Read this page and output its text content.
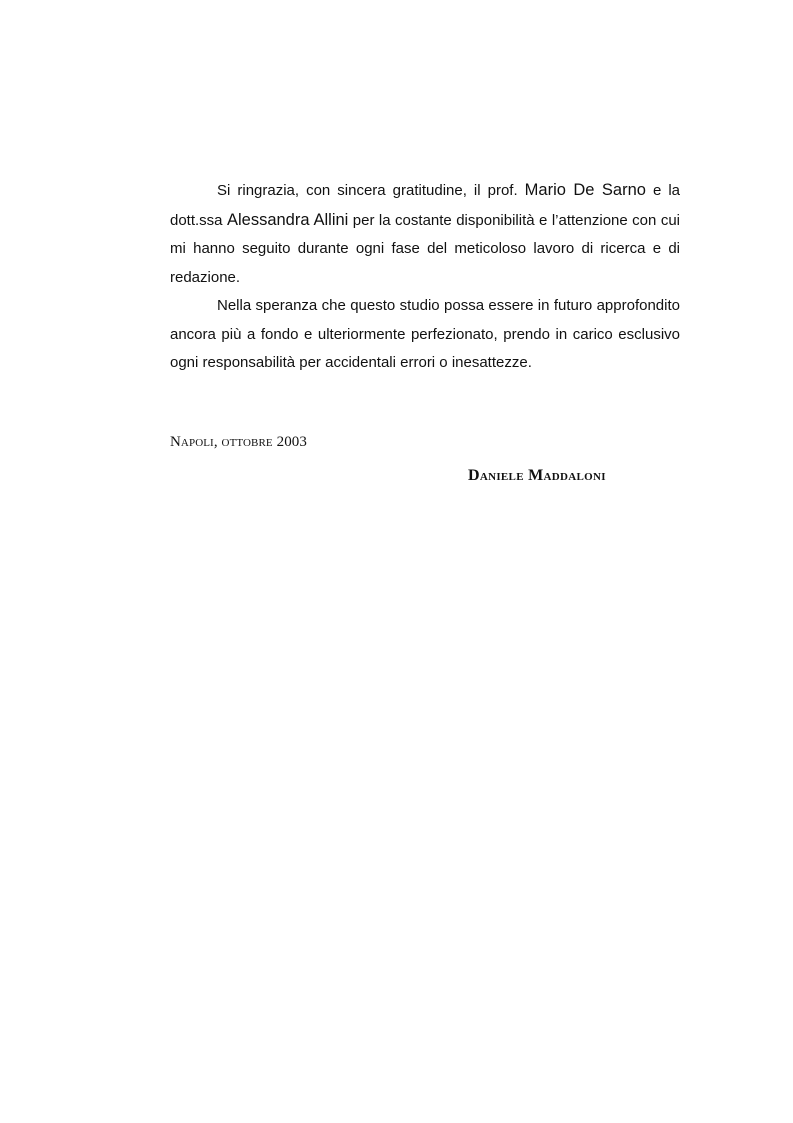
Si ringrazia, con sincera gratitudine, il prof. Mario De Sarno e la dott.ssa Alessandra Allini per la costante disponibilità e l’attenzione con cui mi hanno seguito durante ogni fase del meticoloso lavoro di ricerca e di redazione.

Nella speranza che questo studio possa essere in futuro approfondito ancora più a fondo e ulteriormente perfezionato, prendo in carico esclusivo ogni responsabilità per accidentali errori o inesattezze.

Napoli, ottobre 2003
Daniele Maddaloni
